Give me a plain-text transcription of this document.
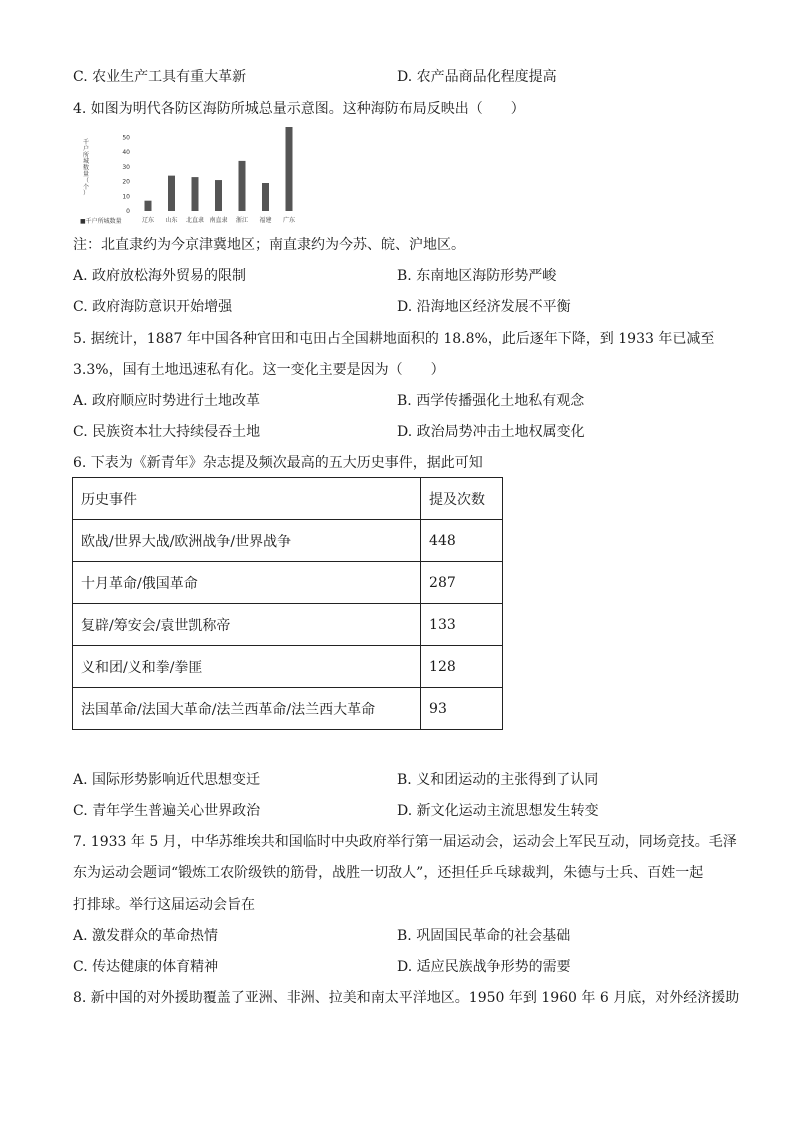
C. 农业生产工具有重大革新	D. 农产品商品化程度提高
4. 如图为明代各防区海防所城总量示意图。这种海防布局反映出（　　）
千
户
所
城
数
量
（
个
）
0
10
20
30
40
50
辽东 山东 北直隶 南直隶 浙江 福建 广东
■千户所城数量
注：北直隶约为今京津冀地区；南直隶约为今苏、皖、沪地区。
A. 政府放松海外贸易的限制	B. 东南地区海防形势严峻
C. 政府海防意识开始增强	D. 沿海地区经济发展不平衡
5. 据统计，1887 年中国各种官田和屯田占全国耕地面积的 18.8%，此后逐年下降，到 1933 年已减至
3.3%，国有土地迅速私有化。这一变化主要是因为（　　）
A. 政府顺应时势进行土地改革	B. 西学传播强化土地私有观念
C. 民族资本壮大持续侵吞土地	D. 政治局势冲击土地权属变化
6. 下表为《新青年》杂志提及频次最高的五大历史事件，据此可知
历史事件	提及次数
欧战/世界大战/欧洲战争/世界战争	448
十月革命/俄国革命	287
复辟/筹安会/袁世凯称帝	133
义和团/义和拳/拳匪	128
法国革命/法国大革命/法兰西革命/法兰西大革命	93
A. 国际形势影响近代思想变迁	B. 义和团运动的主张得到了认同
C. 青年学生普遍关心世界政治	D. 新文化运动主流思想发生转变
7. 1933 年 5 月，中华苏维埃共和国临时中央政府举行第一届运动会，运动会上军民互动，同场竞技。毛泽
东为运动会题词“锻炼工农阶级铁的筋骨，战胜一切敌人”，还担任乒乓球裁判，朱德与士兵、百姓一起
打排球。举行这届运动会旨在
A. 激发群众的革命热情	B. 巩固国民革命的社会基础
C. 传达健康的体育精神	D. 适应民族战争形势的需要
8. 新中国的对外援助覆盖了亚洲、非洲、拉美和南太平洋地区。1950 年到 1960 年 6 月底，对外经济援助
